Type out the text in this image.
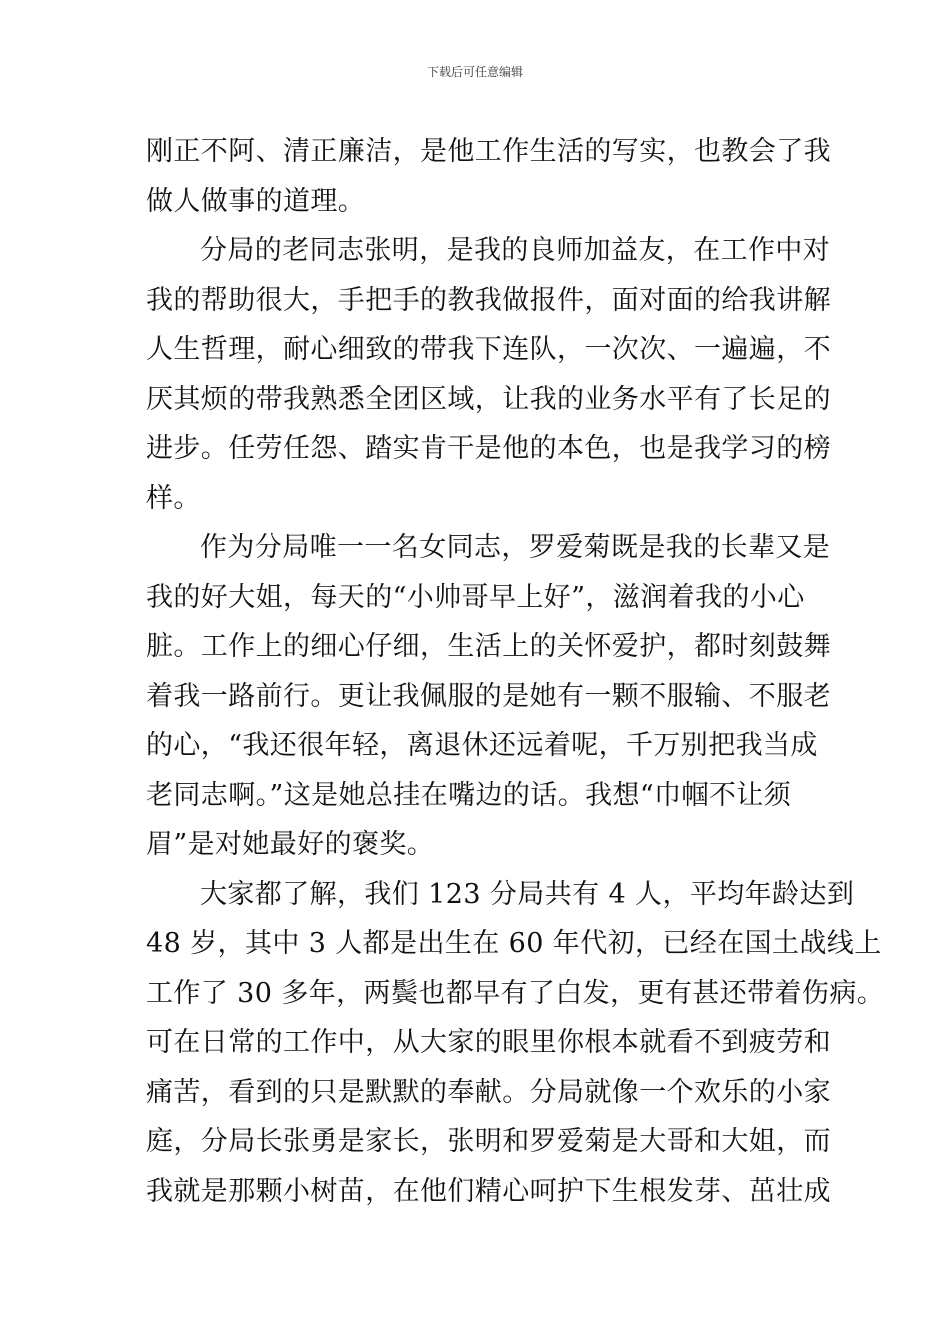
下载后可任意编辑
刚正不阿、清正廉洁，是他工作生活的写实，也教会了我
做人做事的道理。
分局的老同志张明，是我的良师加益友，在工作中对
我的帮助很大，手把手的教我做报件，面对面的给我讲解
人生哲理，耐心细致的带我下连队，一次次、一遍遍，不
厌其烦的带我熟悉全团区域，让我的业务水平有了长足的
进步。任劳任怨、踏实肯干是他的本色，也是我学习的榜
样。
作为分局唯一一名女同志，罗爱菊既是我的长辈又是
我的好大姐，每天的“小帅哥早上好”，滋润着我的小心
脏。工作上的细心仔细，生活上的关怀爱护，都时刻鼓舞
着我一路前行。更让我佩服的是她有一颗不服输、不服老
的心，“我还很年轻，离退休还远着呢，千万别把我当成
老同志啊。”这是她总挂在嘴边的话。我想“巾帼不让须
眉”是对她最好的褒奖。
大家都了解，我们 123 分局共有 4 人，平均年龄达到
48 岁，其中 3 人都是出生在 60 年代初，已经在国土战线上
工作了 30 多年，两鬓也都早有了白发，更有甚还带着伤病。
可在日常的工作中，从大家的眼里你根本就看不到疲劳和
痛苦，看到的只是默默的奉献。分局就像一个欢乐的小家
庭，分局长张勇是家长，张明和罗爱菊是大哥和大姐，而
我就是那颗小树苗，在他们精心呵护下生根发芽、茁壮成
